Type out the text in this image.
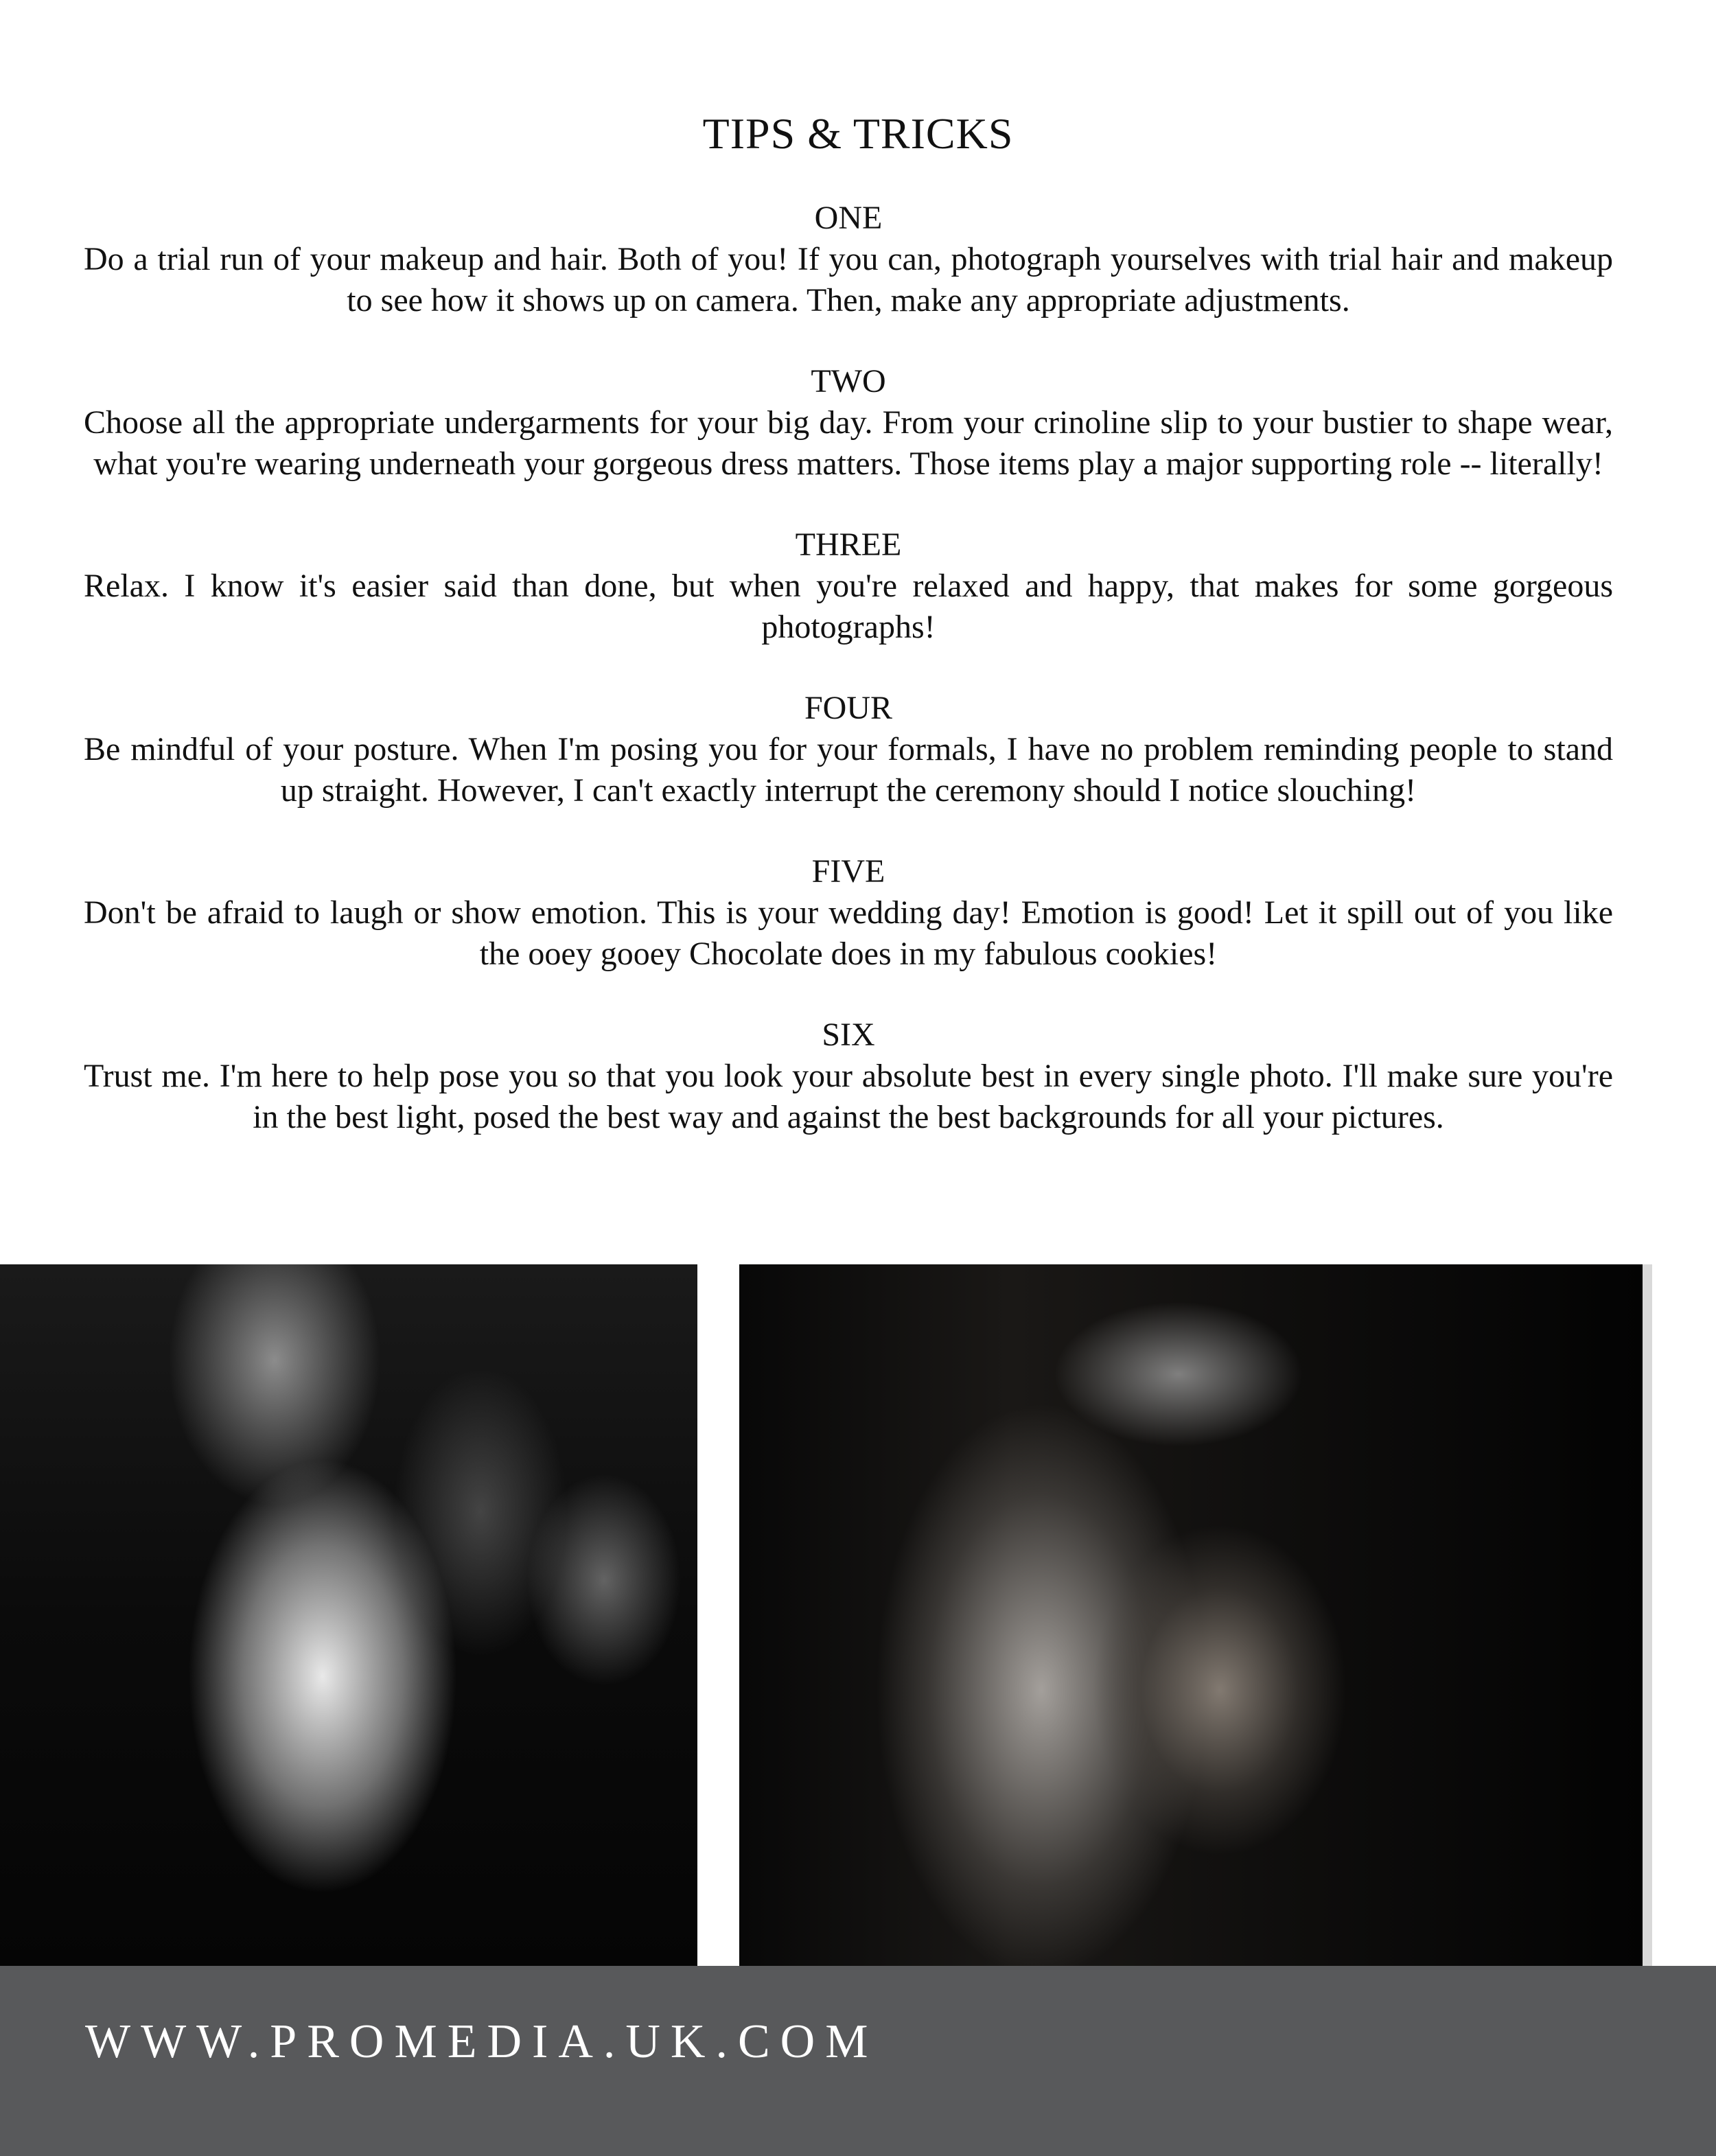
TIPS & TRICKS

ONE

Do a trial run of your makeup and hair. Both of you! If you can, photograph yourselves with trial hair and makeup to see how it shows up on camera. Then, make any appropriate adjustments.

TWO

Choose all the appropriate undergarments for your big day. From your crinoline slip to your bustier to shape wear, what you're wearing underneath your gorgeous dress matters. Those items play a major supporting role -- literally!

THREE

Relax. I know it's easier said than done, but when you're relaxed and happy, that makes for some gorgeous photographs!

FOUR

Be mindful of your posture. When I'm posing you for your formals, I have no problem reminding people to stand up straight. However, I can't exactly interrupt the ceremony should I notice slouching!

FIVE

Don't be afraid to laugh or show emotion. This is your wedding day! Emotion is good! Let it spill out of you like the ooey gooey Chocolate does in my fabulous cookies!

SIX

Trust me. I'm here to help pose you so that you look your absolute best in every single photo. I'll make sure you're in the best light, posed the best way and against the best backgrounds for all your pictures.

WWW.PROMEDIA.UK.COM
